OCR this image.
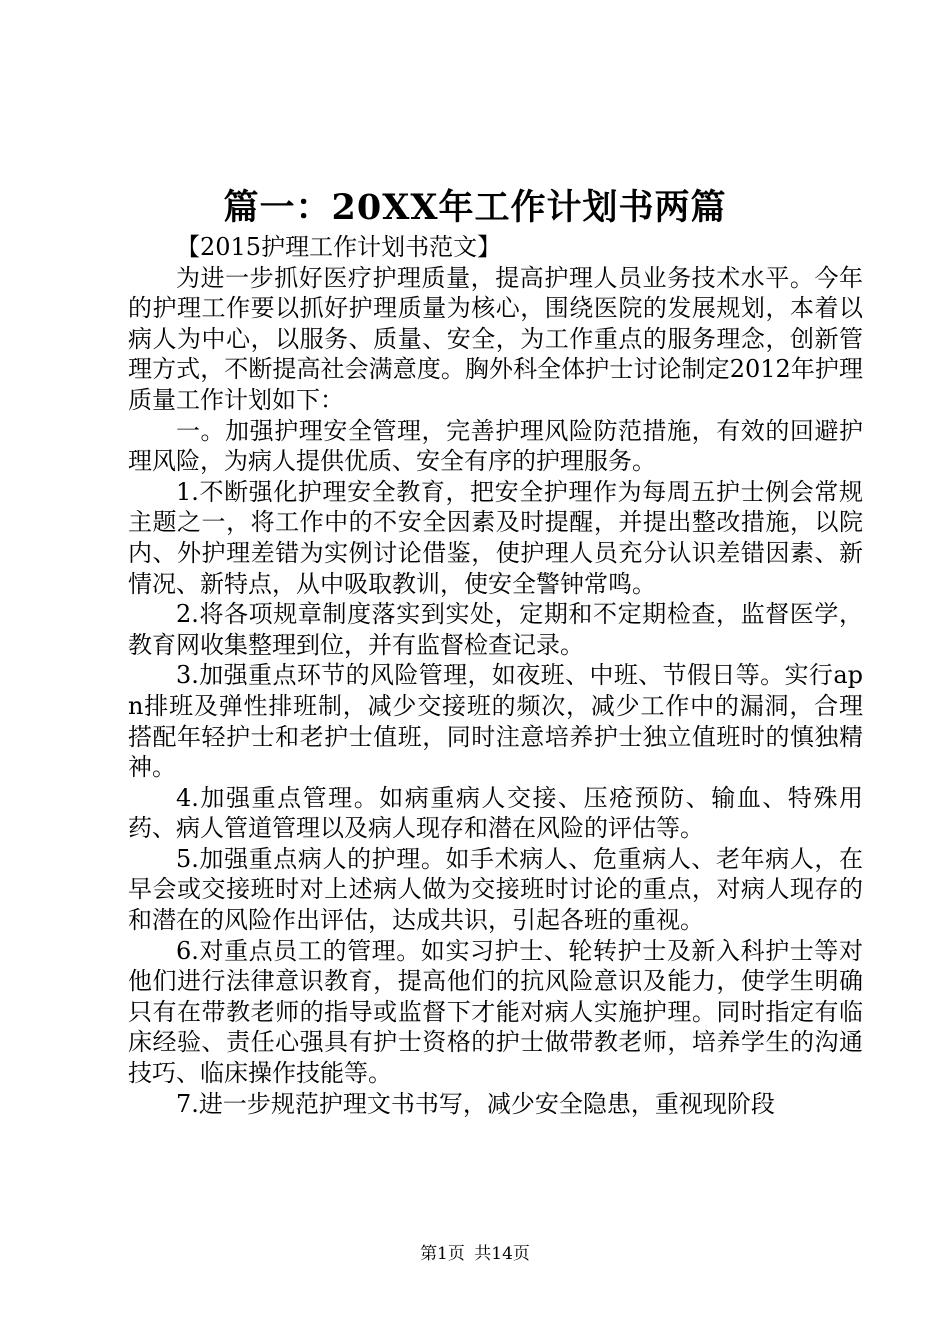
篇一：20XX年工作计划书两篇

【2015护理工作计划书范文】

为进一步抓好医疗护理质量，提高护理人员业务技术水平。今年的护理工作要以抓好护理质量为核心，围绕医院的发展规划，本着以病人为中心，以服务、质量、安全，为工作重点的服务理念，创新管理方式，不断提高社会满意度。胸外科全体护士讨论制定2012年护理质量工作计划如下：

一。加强护理安全管理，完善护理风险防范措施，有效的回避护理风险，为病人提供优质、安全有序的护理服务。

1.不断强化护理安全教育，把安全护理作为每周五护士例会常规主题之一，将工作中的不安全因素及时提醒，并提出整改措施，以院内、外护理差错为实例讨论借鉴，使护理人员充分认识差错因素、新情况、新特点，从中吸取教训，使安全警钟常鸣。

2.将各项规章制度落实到实处，定期和不定期检查，监督医学，教育网收集整理到位，并有监督检查记录。

3.加强重点环节的风险管理，如夜班、中班、节假日等。实行apn排班及弹性排班制，减少交接班的频次，减少工作中的漏洞，合理搭配年轻护士和老护士值班，同时注意培养护士独立值班时的慎独精神。

4.加强重点管理。如病重病人交接、压疮预防、输血、特殊用药、病人管道管理以及病人现存和潜在风险的评估等。

5.加强重点病人的护理。如手术病人、危重病人、老年病人，在早会或交接班时对上述病人做为交接班时讨论的重点，对病人现存的和潜在的风险作出评估，达成共识，引起各班的重视。

6.对重点员工的管理。如实习护士、轮转护士及新入科护士等对他们进行法律意识教育，提高他们的抗风险意识及能力，使学生明确只有在带教老师的指导或监督下才能对病人实施护理。同时指定有临床经验、责任心强具有护士资格的护士做带教老师，培养学生的沟通技巧、临床操作技能等。

7.进一步规范护理文书书写，减少安全隐患，重视现阶段

第1页 共14页
